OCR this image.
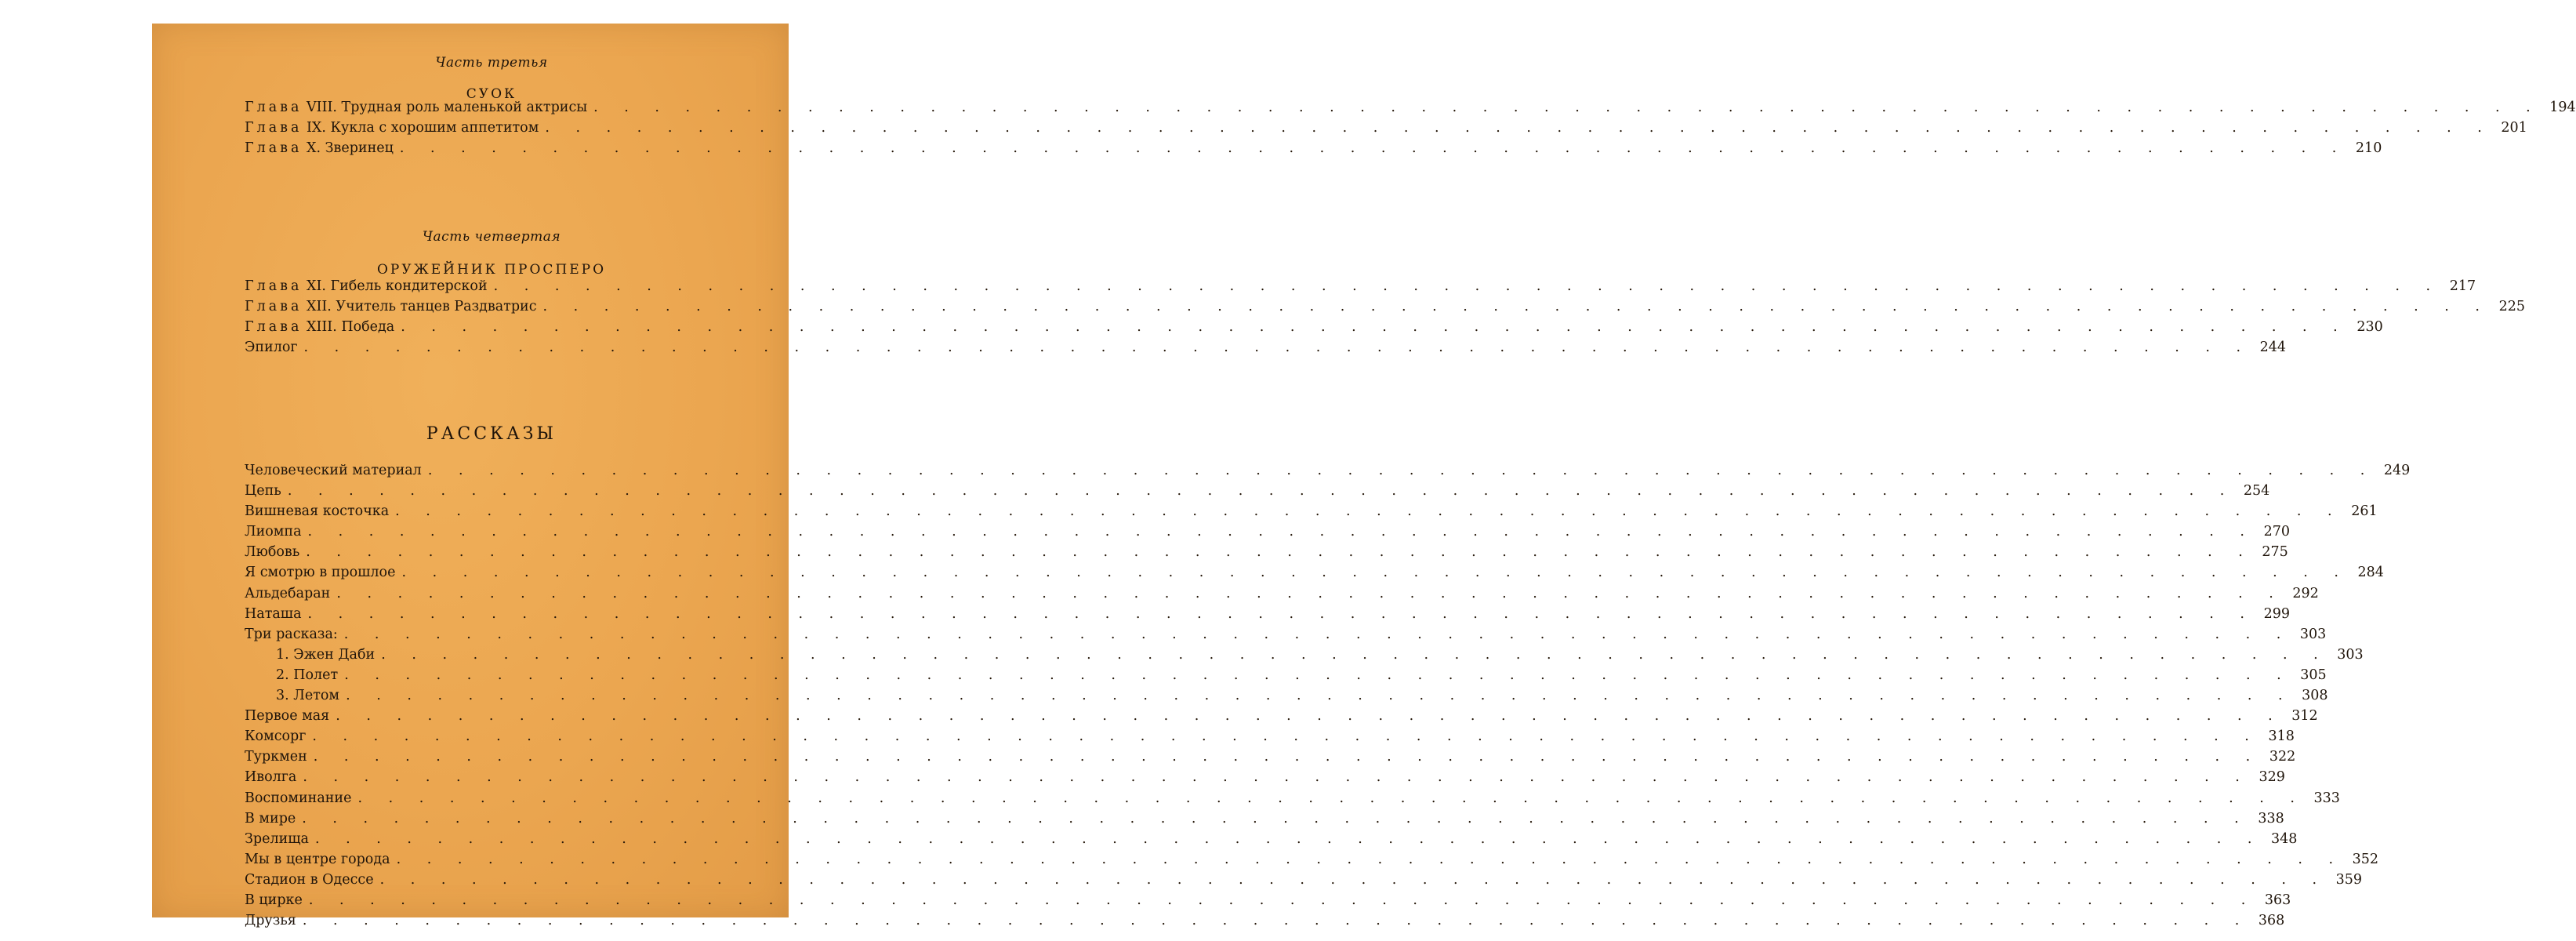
Часть третья
СУОК
Глава VIII. Трудная роль маленькой актрисы . . .	194
Глава IX. Кукла с хорошим аппетитом . . .	201
Глава X. Зверинец . . .	210
Часть четвертая
ОРУЖЕЙНИК ПРОСПЕРО
Глава XI. Гибель кондитерской . . .	217
Глава XII. Учитель танцев Раздватрис . . .	225
Глава XIII. Победа . . .	230
Эпилог . . .	244
РАССКАЗЫ
Человеческий материал . . .	249
Цепь . . .	254
Вишневая косточка . . .	261
Лиомпа . . .	270
Любовь . . .	275
Я смотрю в прошлое . . .	284
Альдебаран . . .	292
Наташа . . .	299
Три расказа: . . .	303
1. Эжен Даби . . .	303
2. Полет . . .	305
3. Летом . . .	308
Первое мая . . .	312
Комсорг . . .	318
Туркмен . . .	322
Иволга . . .	329
Воспоминание . . .	333
В мире . . .	338
Зрелища . . .	348
Мы в центре города . . .	352
Стадион в Одессе . . .	359
В цирке . . .	363
Друзья . . .	368
